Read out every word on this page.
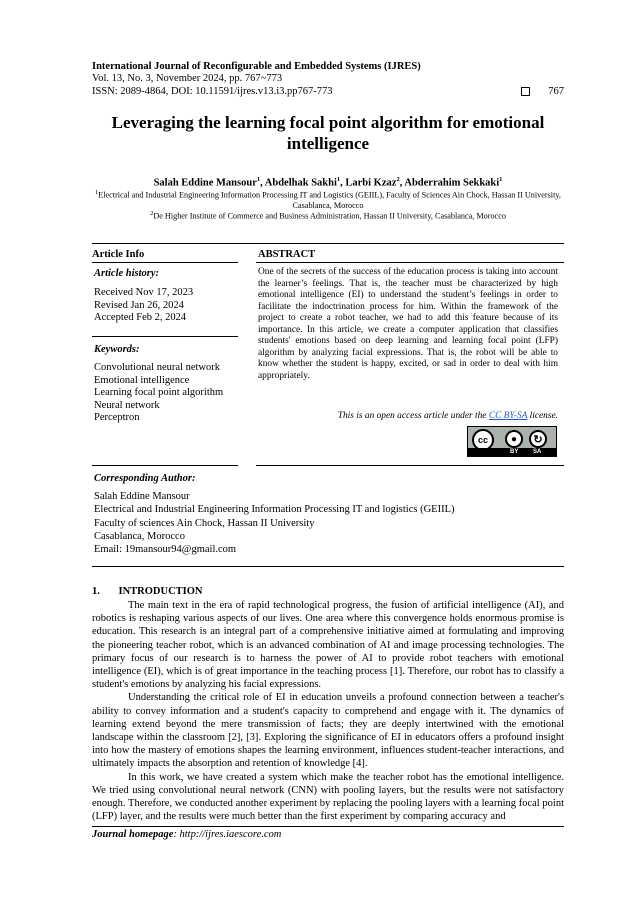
International Journal of Reconfigurable and Embedded Systems (IJRES)
Vol. 13, No. 3, November 2024, pp. 767~773
ISSN: 2089-4864, DOI: 10.11591/ijres.v13.i3.pp767-773	767
Leveraging the learning focal point algorithm for emotional intelligence
Salah Eddine Mansour$^1$, Abdelhak Sakhi$^1$, Larbi Kzaz$^2$, Abderrahim Sekkaki$^1$
$^1$Electrical and Industrial Engineering Information Processing IT and Logistics (GEIIL), Faculty of Sciences Ain Chock, Hassan II University, Casablanca, Morocco
$^2$De Higher Institute of Commerce and Business Administration, Hassan II University, Casablanca, Morocco
Article Info
Article history:
Received Nov 17, 2023
Revised Jan 26, 2024
Accepted Feb 2, 2024
Keywords:
Convolutional neural network
Emotional intelligence
Learning focal point algorithm
Neural network
Perceptron
ABSTRACT
One of the secrets of the success of the education process is taking into account the learner’s feelings. That is, the teacher must be characterized by high emotional intelligence (EI) to understand the student’s feelings in order to facilitate the indoctrination process for him. Within the framework of the project to create a robot teacher, we had to add this feature because of its importance. In this article, we create a computer application that classifies students' emotions based on deep learning and learning focal point (LFP) algorithm by analyzing facial expressions. That is, the robot will be able to know whether the student is happy, excited, or sad in order to deal with him appropriately.
This is an open access article under the CC BY-SA license.
cc	●	↻
BY SA
Corresponding Author:
Salah Eddine Mansour
Electrical and Industrial Engineering Information Processing IT and logistics (GEIIL)
Faculty of sciences Ain Chock, Hassan II University
Casablanca, Morocco
Email: 19mansour94@gmail.com
1. INTRODUCTION

The main text in the era of rapid technological progress, the fusion of artificial intelligence (AI), and robotics is reshaping various aspects of our lives. One area where this convergence holds enormous promise is education. This research is an integral part of a comprehensive initiative aimed at formulating and improving the pioneering teacher robot, which is an advanced combination of AI and image processing technologies. The primary focus of our research is to harness the power of AI to provide robot teachers with emotional intelligence (EI), which is of great importance in the teaching process [1]. Therefore, our robot has to classify a student's emotions by analyzing his facial expressions.

Understanding the critical role of EI in education unveils a profound connection between a teacher's ability to convey information and a student's capacity to comprehend and engage with it. The dynamics of learning extend beyond the mere transmission of facts; they are deeply intertwined with the emotional landscape within the classroom [2], [3]. Exploring the significance of EI in educators offers a profound insight into how the mastery of emotions shapes the learning environment, influences student-teacher interactions, and ultimately impacts the absorption and retention of knowledge [4].

In this work, we have created a system which make the teacher robot has the emotional intelligence. We tried using convolutional neural network (CNN) with pooling layers, but the results were not satisfactory enough. Therefore, we conducted another experiment by replacing the pooling layers with a learning focal point (LFP) layer, and the results were much better than the first experiment by comparing accuracy and

Journal homepage: http://ijres.iaescore.com
